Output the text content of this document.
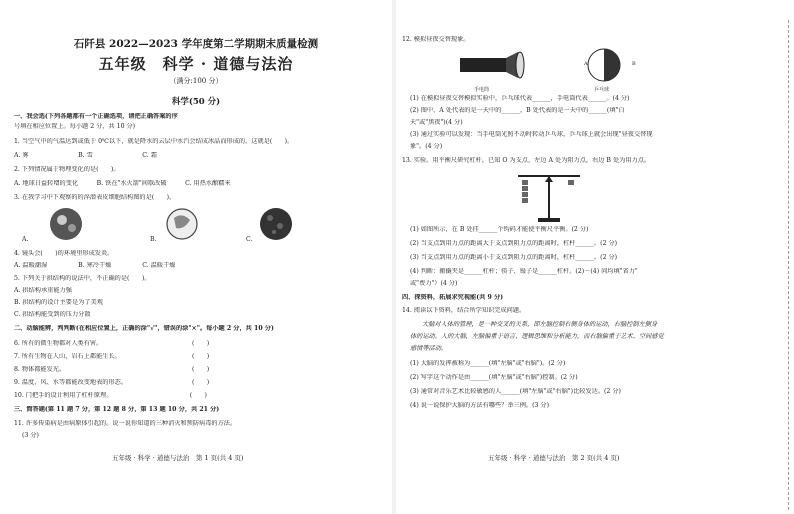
石阡县 2022—2023 学年度第二学期期末质量检测
五年级　科学 · 道德与法治
（满分:100 分）
科学(50 分)
一、我会选(下列各题都有一个正确选项，请把正确答案的序
号填在相应位置上。每小题 2 分，共 10 分)
1. 当空气中的气温达到或低于 0℃以下，就是降水的云层中水汽会结成冰晶而形成的，这就是(　　)。
A. 雾　　　　　　　　B. 雪　　　　　　　　C. 霜
2. 下列情况属于物理变化的是(　　)。
A. 地球日益转增的变化　　　B. 铁在"水火箭"间歇改破　　　C. 用热水酿糯米
3. 在我学习中下观察的的淬潜表皮细胞结构图的是(　　)。
A.	B.	C.
4. 镜头会(　　)的环境里形成发炎。
A. 温暖潮湿　　　　　B. 寒冷干燥　　　　　C. 温暖干燥
5. 下列关于拱结构的说法中，不正确的是(　　)。
A. 拱结构承重能力强
B. 拱结构的设计主要是为了美观
C. 拱结构能受到的压力分散
二、动脑能辨，判判断(在相应位置上，正确的涂"√"，错误的涂"×"。每小题 2 分，共 10 分)
6. 所有的微生物都对人类有害。　　　　　　　　　　　　　　　(　　)
7. 所有生物在人山，岩石上都能生长。　　　　　　　　　　　　(　　)
8. 物体都能发光。　　　　　　　　　　　　　　　　　　　　　(　　)
9. 温度、风、水等都能改变地表的形态。　　　　　　　　　　　(　　)
10. 门把手的设计利用了杠杆原理。　　　　　　　　　　　　　(　　)
三、简答题(第 11 题 7 分，第 12 题 8 分，第 13 题 10 分，共 21 分)
11. 许多传染病是由病原体引起的。说一说你知道的三种消灭和预防病毒的方法。
(3 分)
五年级 · 科学 · 道德与法治　第 1 页(共 4 页)
12. 模拟昼夜交替现象。
手电筒	乒乓球
A	B
(1) 在模拟昼夜交替模拟实验中，乒乓球代表______，手电筒代表______。(4 分)
(2) 图中，A 处代表的是一天中的______，B 处代表的是一天中的______(填"白
天"或"黑夜")(4 分)
(3) 通过实验可以发现：当手电筒光照不动时转动乒乓球，乒乓球上就会出现"昼夜交替现
象"。(4 分)
13. 实验。用平衡尺研究杠杆，已知 O 为支点，左边 A 处为阻力点，右边 B 处为用力点。
(1) 如图所示，在 B 处挂______个钩码才能使平衡尺平衡。(2 分)
(2) 当支点到用力点的距离大于支点到阻力点的距离时，杠杆______。(2 分)
(3) 当支点到用力点的距离小于支点到阻力点的距离时，杠杆______。(2 分)
(4) 判断：搬撬夹是______杠杆；筷子、镊子是______杠杆。(2)－(4) 问均填"省力"
或"费力"）(4 分)
四、探资料，拓展求究视能(共 9 分)
14. 阅读以下资料，结合所学知识完成问题。
大脑对人体的管理，是一种交叉的关系，即左脑控制右侧身体的运动，右脑控制左侧身
体的运动。人的大脑，左脑偏重于语言、逻辑思维和分析能力，而右脑偏重于艺术、空间感觉
感情等活动。
(1) 大脑的发挥被称为______(填"左脑"或"右脑")。(2 分)
(2) 写字这个动作是由______(填"左脑"或"右脑")控制。(2 分)
(3) 通常对音乐艺术比较敏感的人______(填"左脑"或"右脑")比较发达。(2 分)
(4) 说一说保护大脑的方法有哪些？举三例。(3 分)
五年级 · 科学 · 道德与法治　第 2 页(共 4 页)
